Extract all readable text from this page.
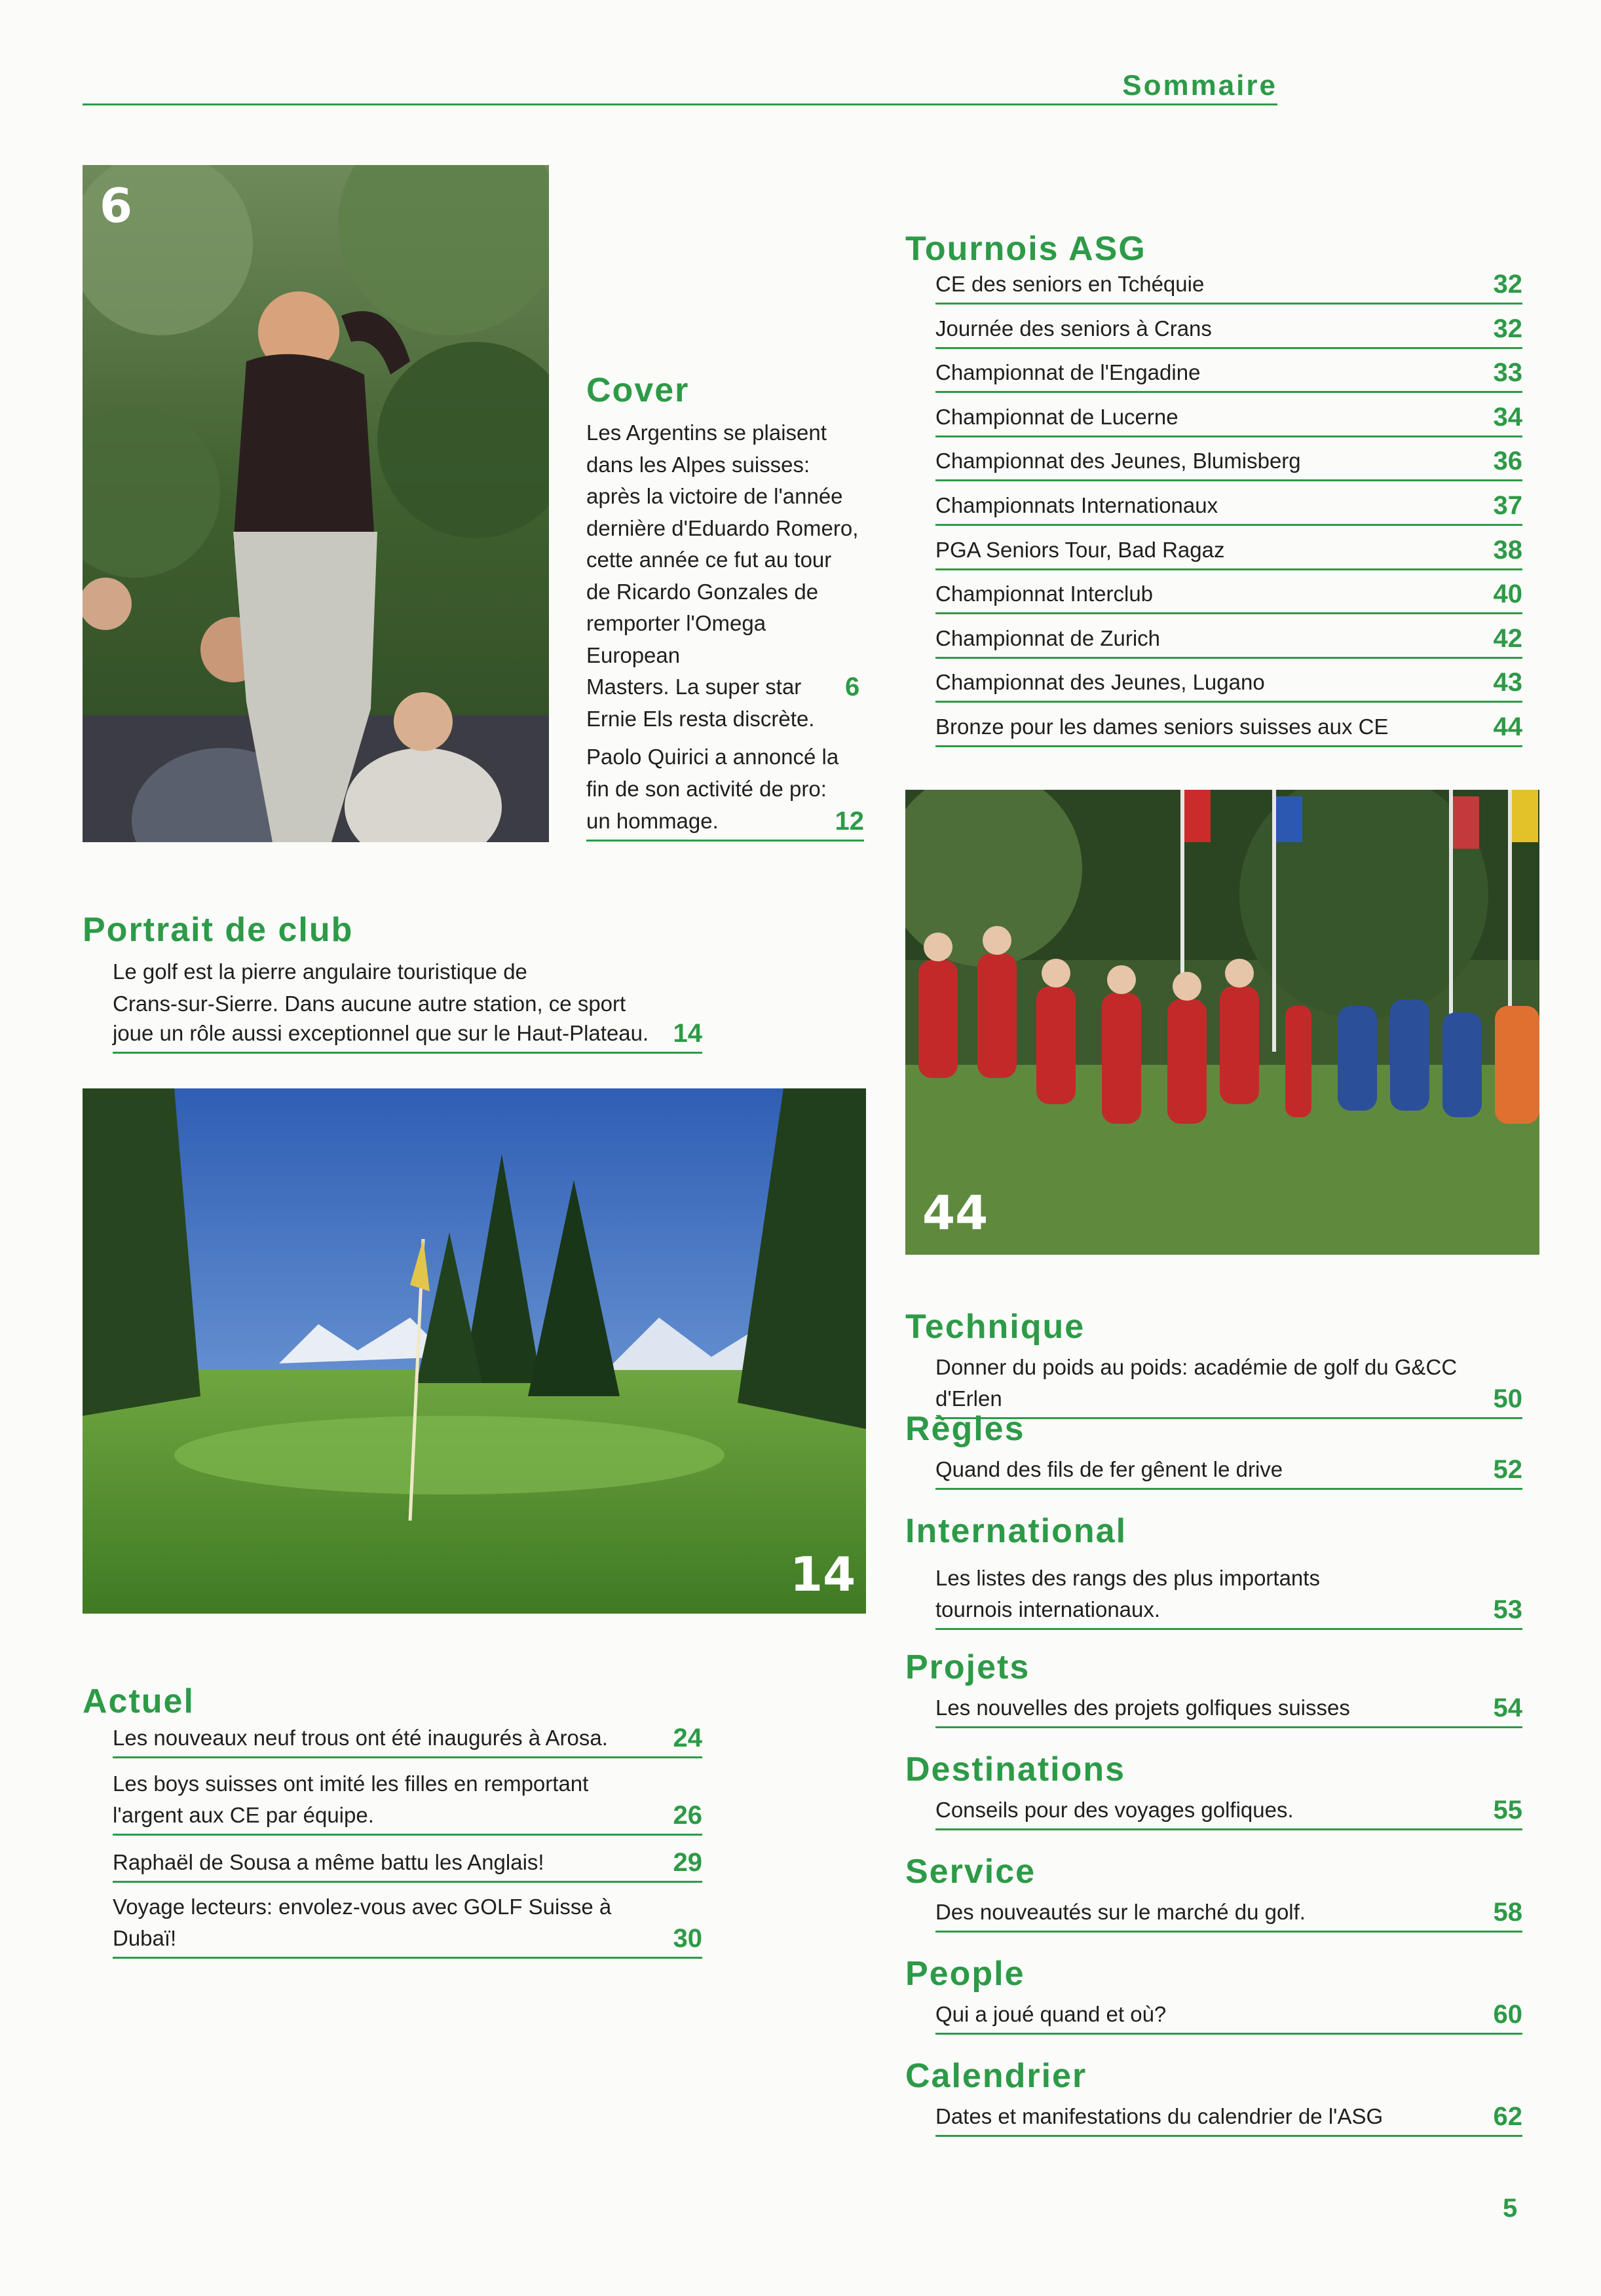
Sommaire
6
Cover
Les Argentins se plaisent
dans les Alpes suisses:
après la victoire de l'année
dernière d'Eduardo Romero,
cette année ce fut au tour
de Ricardo Gonzales de
remporter l'Omega European
Masters. La super star
Ernie Els resta discrète.
6
Paolo Quirici a annoncé la
fin de son activité de pro:
un hommage.	12
Portrait de club
Le golf est la pierre angulaire touristique de
Crans-sur-Sierre. Dans aucune autre station, ce sport
joue un rôle aussi exceptionnel que sur le Haut-Plateau. 14
14
Actuel
Les nouveaux neuf trous ont été inaugurés à Arosa.	24
Les boys suisses ont imité les filles en remportant l'argent aux CE par équipe.	26
Raphaël de Sousa a même battu les Anglais!	29
Voyage lecteurs: envolez-vous avec GOLF Suisse à Dubaï!	30
Tournois ASG
CE des seniors en Tchéquie	32
Journée des seniors à Crans	32
Championnat de l'Engadine	33
Championnat de Lucerne	34
Championnat des Jeunes, Blumisberg	36
Championnats Internationaux	37
PGA Seniors Tour, Bad Ragaz	38
Championnat Interclub	40
Championnat de Zurich	42
Championnat des Jeunes, Lugano	43
Bronze pour les dames seniors suisses aux CE	44
44
Technique
Donner du poids au poids: académie de golf du G&CC d'Erlen	50
Règles
Quand des fils de fer gênent le drive	52
International
Les listes des rangs des plus importants tournois internationaux.	53
Projets
Les nouvelles des projets golfiques suisses	54
Destinations
Conseils pour des voyages golfiques.	55
Service
Des nouveautés sur le marché du golf.	58
People
Qui a joué quand et où?	60
Calendrier
Dates et manifestations du calendrier de l'ASG	62
5
